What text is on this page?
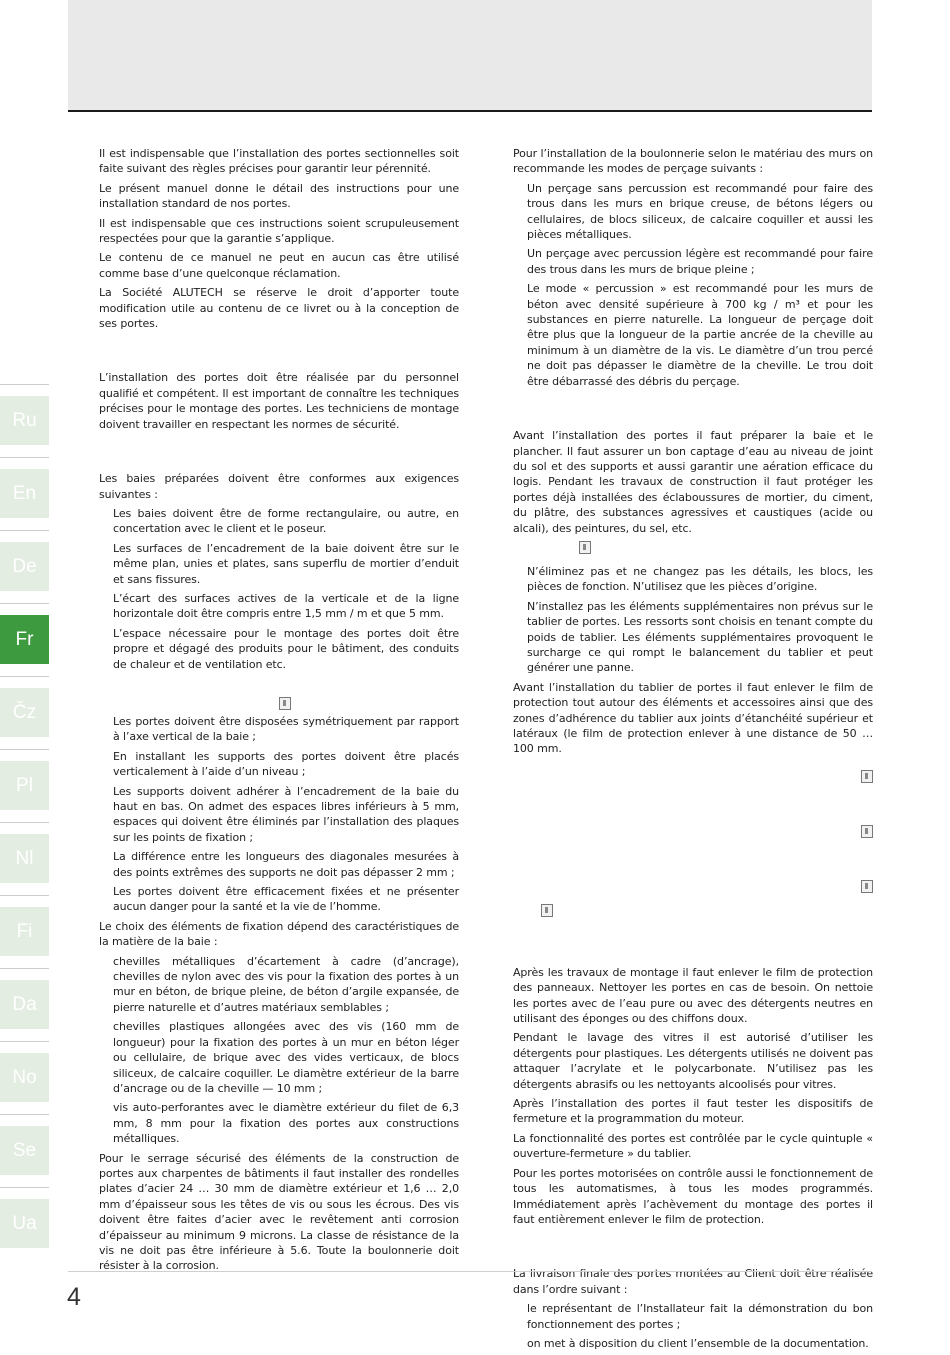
Ru
En
De
Fr
Čz
Pl
Nl
Fi
Da
No
Se
Ua

Il est indispensable que l’installation des portes sectionnelles soit faite suivant des règles précises pour garantir leur pérennité.

Le présent manuel donne le détail des instructions pour une installation standard de nos portes.

Il est indispensable que ces instructions soient scrupuleusement respectées pour que la garantie s’applique.

Le contenu de ce manuel ne peut en aucun cas être utilisé comme base d’une quelconque réclamation.

La Société ALUTECH se réserve le droit d’apporter toute modification utile au contenu de ce livret ou à la conception de ses portes.

L’installation des portes doit être réalisée par du personnel qualifié et compétent. Il est important de connaître les techniques précises pour le montage des portes. Les techniciens de montage doivent travailler en respectant les normes de sécurité.

Les baies préparées doivent être conformes aux exigences suivantes :

Les baies doivent être de forme rectangulaire, ou autre, en concertation avec le client et le poseur.

Les surfaces de l’encadrement de la baie doivent être sur le même plan, unies et plates, sans superflu de mortier d’enduit et sans fissures.

L’écart des surfaces actives de la verticale et de la ligne horizontale doit être compris entre 1,5 mm / m et que 5 mm.

L’espace nécessaire pour le montage des portes doit être propre et dégagé des produits pour le bâtiment, des conduits de chaleur et de ventilation etc.

Les portes doivent être disposées symétriquement par rapport à l’axe vertical de la baie ;

En installant les supports des portes doivent être placés verticalement à l’aide d’un niveau ;

Les supports doivent adhérer à l’encadrement de la baie du haut en bas. On admet des espaces libres inférieurs à 5 mm, espaces qui doivent être éliminés par l’installation des plaques sur les points de fixation ;

La différence entre les longueurs des diagonales mesurées à des points extrêmes des supports ne doit pas dépasser 2 mm ;

Les portes doivent être efficacement fixées et ne présenter aucun danger pour la santé et la vie de l’homme.

Le choix des éléments de fixation dépend des caractéristiques de la matière de la baie :

chevilles métalliques d’écartement à cadre (d’ancrage), chevilles de nylon avec des vis pour la fixation des portes à un mur en béton, de brique pleine, de béton d’argile expansée, de pierre naturelle et d’autres matériaux semblables ;

chevilles plastiques allongées avec des vis (160 mm de longueur) pour la fixation des portes à un mur en béton léger ou cellulaire, de brique avec des vides verticaux, de blocs siliceux, de calcaire coquiller. Le diamètre extérieur de la barre d’ancrage ou de la cheville — 10 mm ;

vis auto-perforantes avec le diamètre extérieur du filet de 6,3 mm, 8 mm pour la fixation des portes aux constructions métalliques.

Pour le serrage sécurisé des éléments de la construction de portes aux charpentes de bâtiments il faut installer des rondelles plates d’acier 24 … 30 mm de diamètre extérieur et 1,6 … 2,0 mm d’épaisseur sous les têtes de vis ou sous les écrous. Des vis doivent être faites d’acier avec le revêtement anti corrosion d’épaisseur au minimum 9 microns. La classe de résistance de la vis ne doit pas être inférieure à 5.6. Toute la boulonnerie doit résister à la corrosion.

Pour l’installation de la boulonnerie selon le matériau des murs on recommande les modes de perçage suivants :

Un perçage sans percussion est recommandé pour faire des trous dans les murs en brique creuse, de bétons légers ou cellulaires, de blocs siliceux, de calcaire coquiller et aussi les pièces métalliques.

Un perçage avec percussion légère est recommandé pour faire des trous dans les murs de brique pleine ;

Le mode « percussion » est recommandé pour les murs de béton avec densité supérieure à 700 kg / m³ et pour les substances en pierre naturelle. La longueur de perçage doit être plus que la longueur de la partie ancrée de la cheville au minimum à un diamètre de la vis. Le diamètre d’un trou percé ne doit pas dépasser le diamètre de la cheville. Le trou doit être débarrassé des débris du perçage.

Avant l’installation des portes il faut préparer la baie et le plancher. Il faut assurer un bon captage d’eau au niveau de joint du sol et des supports et aussi garantir une aération efficace du logis. Pendant les travaux de construction il faut protéger les portes déjà installées des éclaboussures de mortier, du ciment, du plâtre, des substances agressives et caustiques (acide ou alcali), des peintures, du sel, etc.

N’éliminez pas et ne changez pas les détails, les blocs, les pièces de fonction. N’utilisez que les pièces d’origine.

N’installez pas les éléments supplémentaires non prévus sur le tablier de portes. Les ressorts sont choisis en tenant compte du poids de tablier. Les éléments supplémentaires provoquent le surcharge ce qui rompt le balancement du tablier et peut générer une panne.

Avant l’installation du tablier de portes il faut enlever le film de protection tout autour des éléments et accessoires ainsi que des zones d’adhérence du tablier aux joints d’étanchéité supérieur et latéraux (le film de protection enlever à une distance de 50 … 100 mm.

Après les travaux de montage il faut enlever le film de protection des panneaux. Nettoyer les portes en cas de besoin. On nettoie les portes avec de l’eau pure ou avec des détergents neutres en utilisant des éponges ou des chiffons doux.

Pendant le lavage des vitres il est autorisé d’utiliser les détergents pour plastiques. Les détergents utilisés ne doivent pas attaquer l’acrylate et le polycarbonate. N’utilisez pas les détergents abrasifs ou les nettoyants alcoolisés pour vitres.

Après l’installation des portes il faut tester les dispositifs de fermeture et la programmation du moteur.

La fonctionnalité des portes est contrôlée par le cycle quintuple « ouverture-fermeture » du tablier.

Pour les portes motorisées on contrôle aussi le fonctionnement de tous les automatismes, à tous les modes programmés. Immédiatement après l’achèvement du montage des portes il faut entièrement enlever le film de protection.

La livraison finale des portes montées au Client doit être réalisée dans l’ordre suivant :

le représentant de l’Installateur fait la démonstration du bon fonctionnement des portes ;

on met à disposition du client l’ensemble de la documentation.

4
